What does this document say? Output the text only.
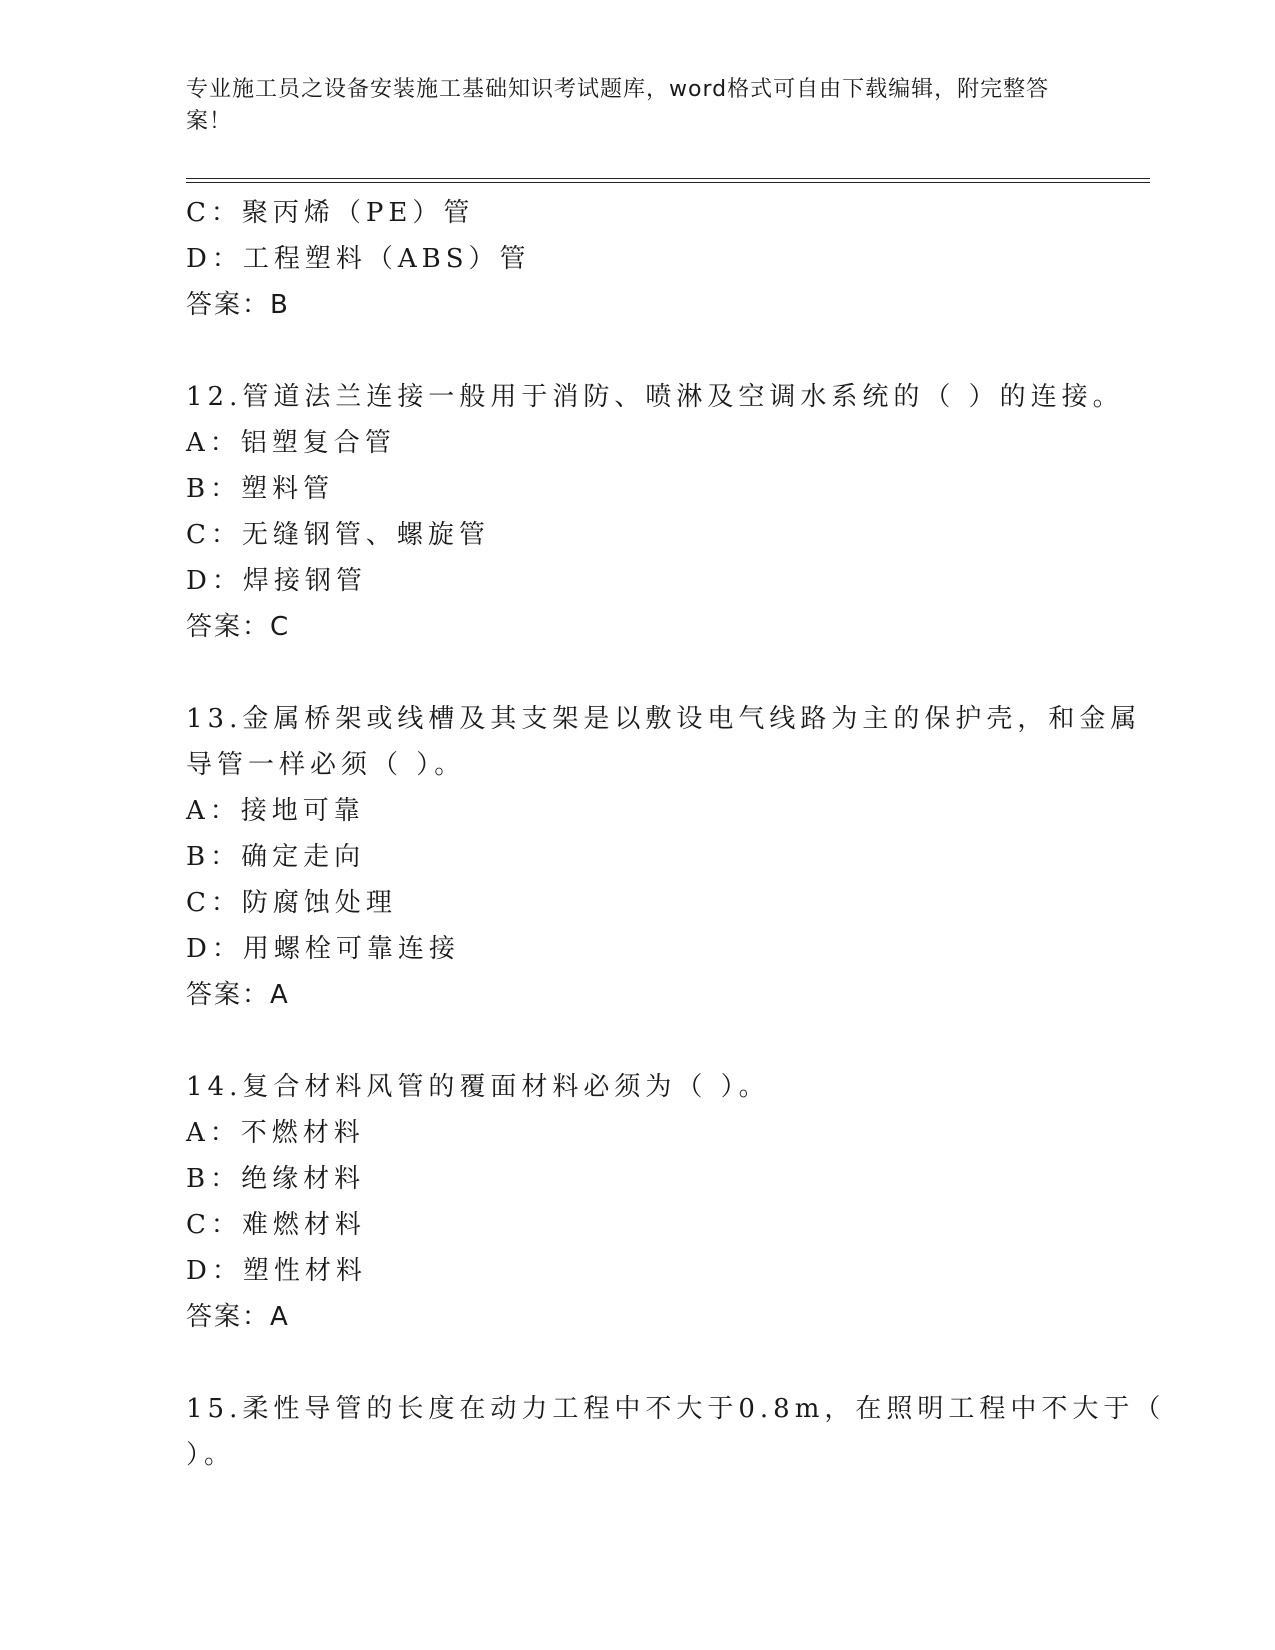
专业施工员之设备安装施工基础知识考试题库，word格式可自由下载编辑，附完整答案！
C：聚丙烯（PE）管
D：工程塑料（ABS）管
答案：B
12.管道法兰连接一般用于消防、喷淋及空调水系统的（ ）的连接。
A：铝塑复合管
B：塑料管
C：无缝钢管、螺旋管
D：焊接钢管
答案：C
13.金属桥架或线槽及其支架是以敷设电气线路为主的保护壳，和金属
导管一样必须（ ）。
A：接地可靠
B：确定走向
C：防腐蚀处理
D：用螺栓可靠连接
答案：A
14.复合材料风管的覆面材料必须为（ ）。
A：不燃材料
B：绝缘材料
C：难燃材料
D：塑性材料
答案：A
15.柔性导管的长度在动力工程中不大于0.8m，在照明工程中不大于（
）。
